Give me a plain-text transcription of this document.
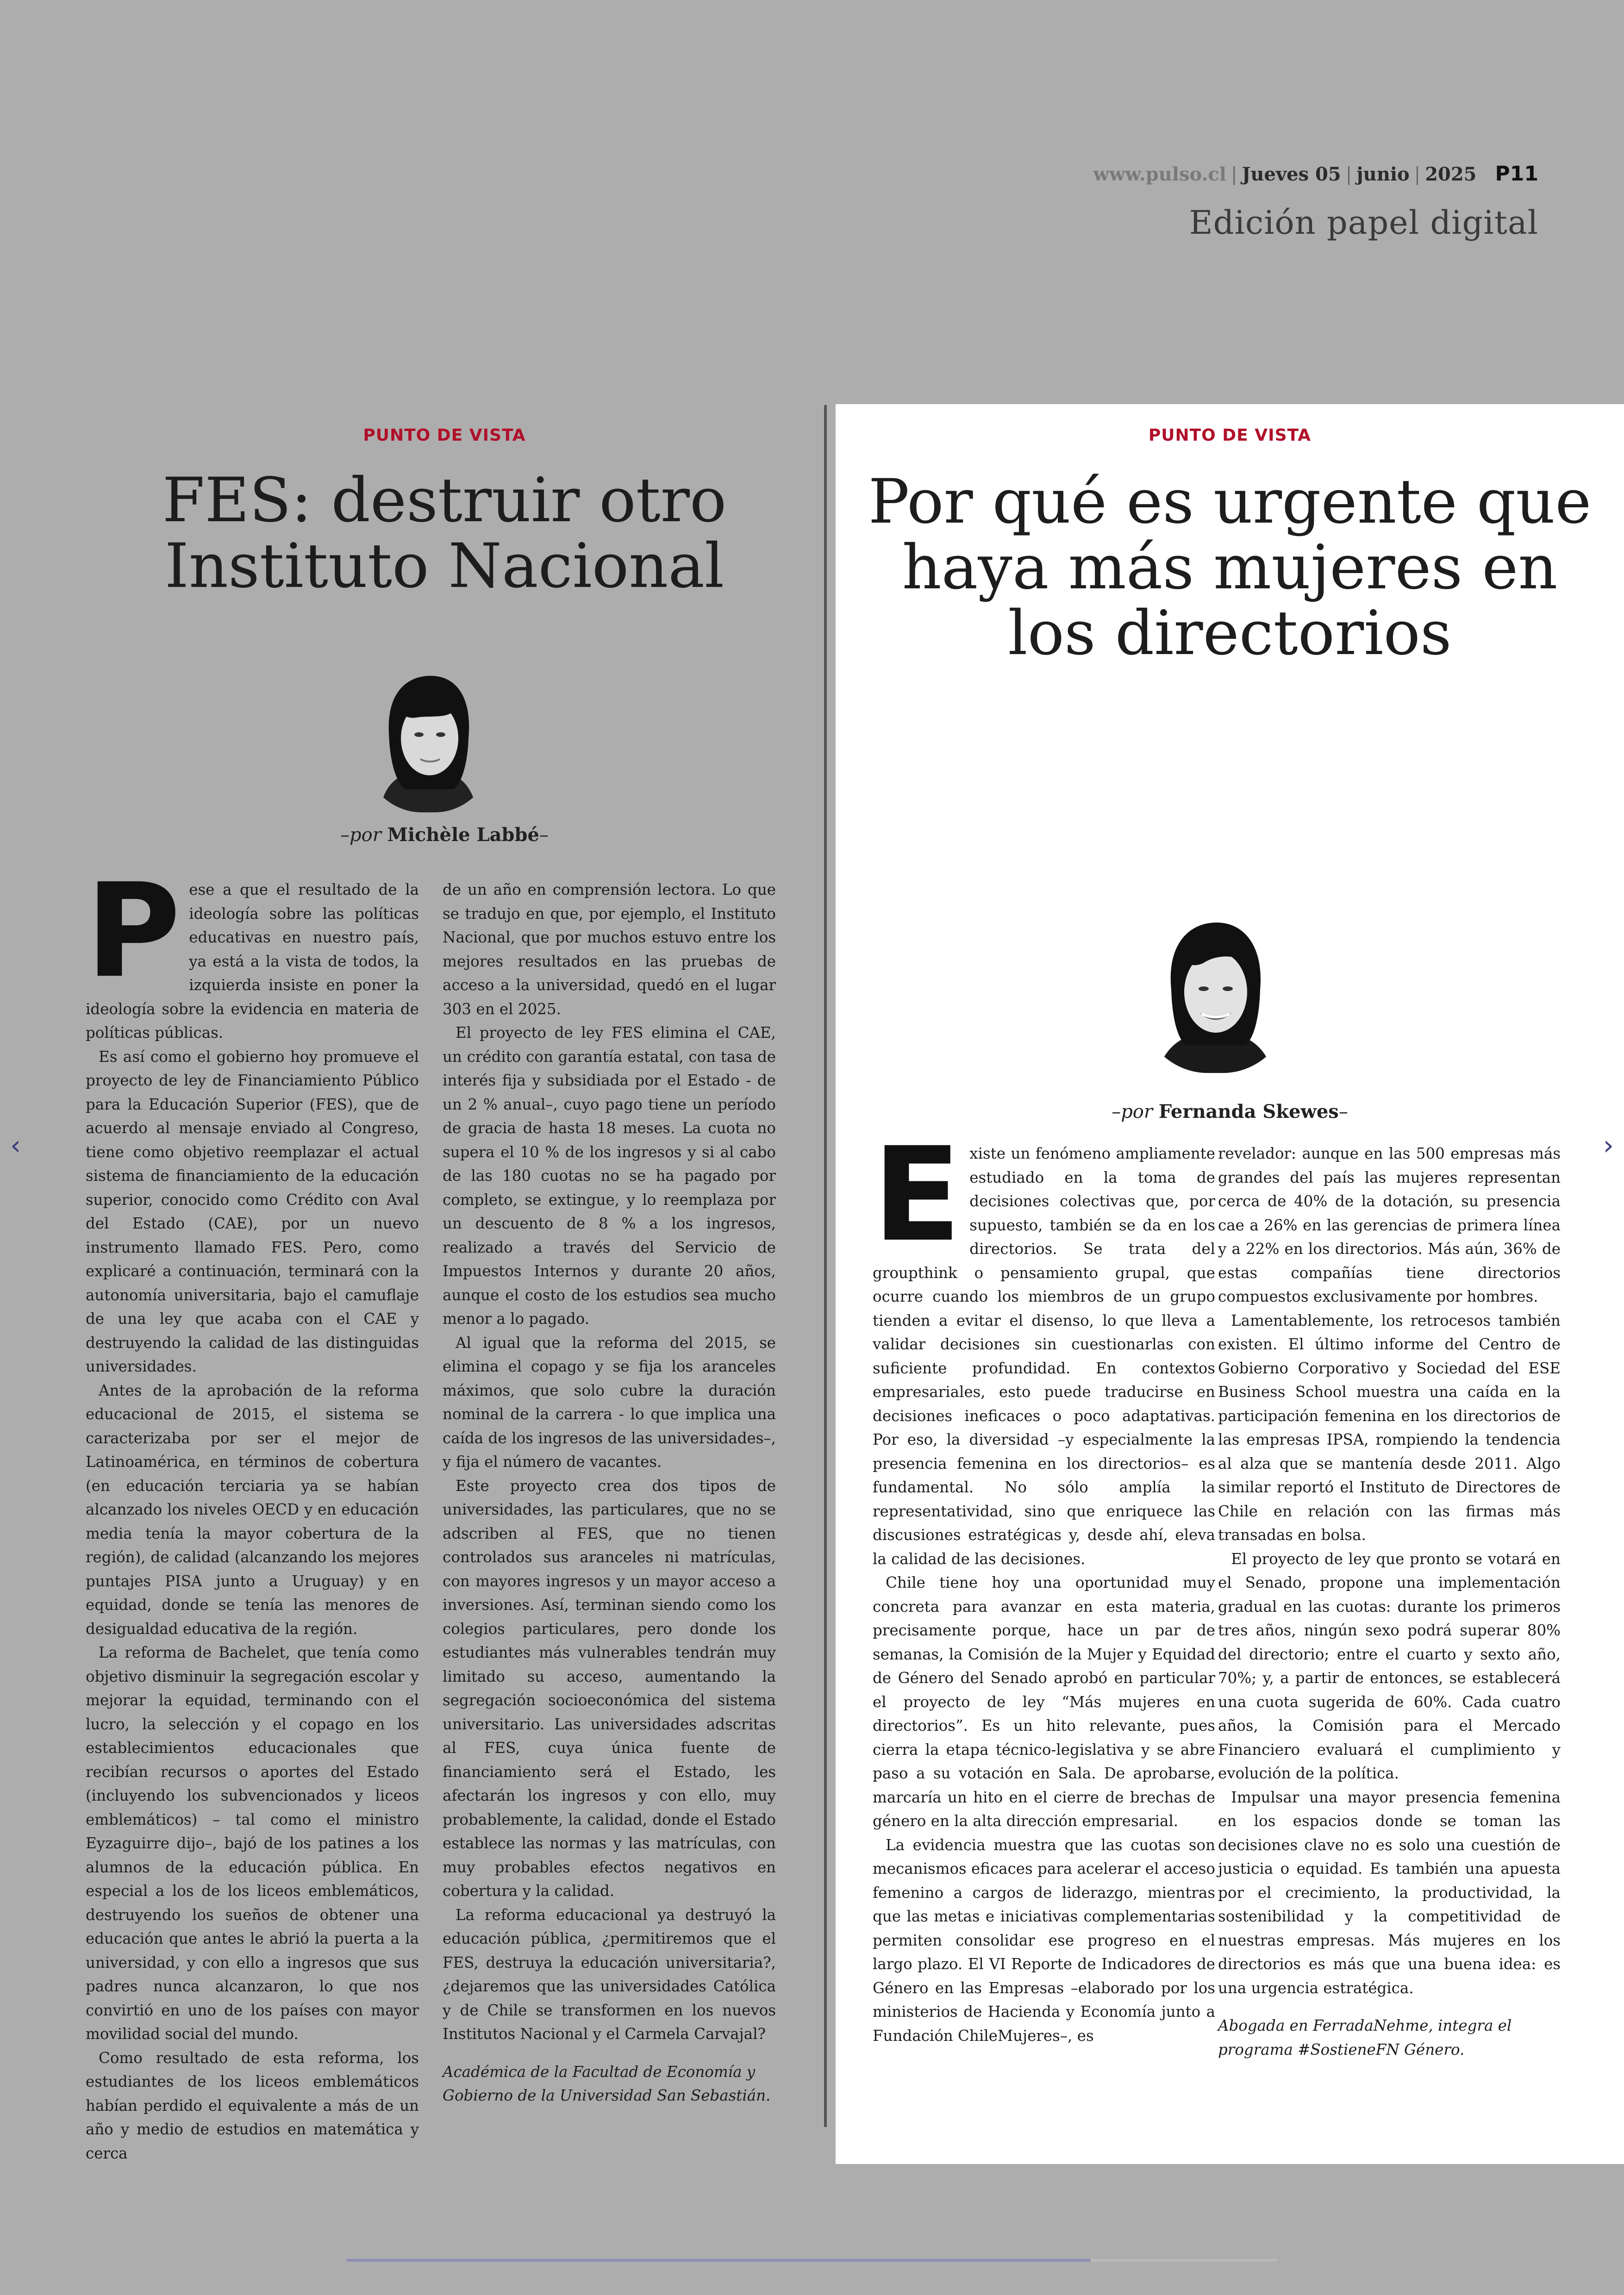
www.pulso.cl | Jueves 05 | junio | 2025 P11
Edición papel digital
PUNTO DE VISTA
FES: destruir otro
Instituto Nacional
–por Michèle Labbé–

Pese a que el resultado de la ideología sobre las políticas educativas en nuestro país, ya está a la vista de todos, la izquierda insiste en poner la ideología sobre la evidencia en materia de políticas públicas.

Es así como el gobierno hoy promueve el proyecto de ley de Financiamiento Público para la Educación Superior (FES), que de acuerdo al mensaje enviado al Congreso, tiene como objetivo reemplazar el actual sistema de financiamiento de la educación superior, conocido como Crédito con Aval del Estado (CAE), por un nuevo instrumento llamado FES. Pero, como explicaré a continuación, terminará con la autonomía universitaria, bajo el camuflaje de una ley que acaba con el CAE y destruyendo la calidad de las distinguidas universidades.

Antes de la aprobación de la reforma educacional de 2015, el sistema se caracterizaba por ser el mejor de Latinoamérica, en términos de cobertura (en educación terciaria ya se habían alcanzado los niveles OECD y en educación media tenía la mayor cobertura de la región), de calidad (alcanzando los mejores puntajes PISA junto a Uruguay) y en equidad, donde se tenía las menores de desigualdad educativa de la región.

La reforma de Bachelet, que tenía como objetivo disminuir la segregación escolar y mejorar la equidad, terminando con el lucro, la selección y el copago en los establecimientos educacionales que recibían recursos o aportes del Estado (incluyendo los subvencionados y liceos emblemáticos) – tal como el ministro Eyzaguirre dijo–, bajó de los patines a los alumnos de la educación pública. En especial a los de los liceos emblemáticos, destruyendo los sueños de obtener una educación que antes le abrió la puerta a la universidad, y con ello a ingresos que sus padres nunca alcanzaron, lo que nos convirtió en uno de los países con mayor movilidad social del mundo.

Como resultado de esta reforma, los estudiantes de los liceos emblemáticos habían perdido el equivalente a más de un año y medio de estudios en matemática y cerca

de un año en comprensión lectora. Lo que se tradujo en que, por ejemplo, el Instituto Nacional, que por muchos estuvo entre los mejores resultados en las pruebas de acceso a la universidad, quedó en el lugar 303 en el 2025.

El proyecto de ley FES elimina el CAE, un crédito con garantía estatal, con tasa de interés fija y subsidiada por el Estado - de un 2 % anual–, cuyo pago tiene un período de gracia de hasta 18 meses. La cuota no supera el 10 % de los ingresos y si al cabo de las 180 cuotas no se ha pagado por completo, se extingue, y lo reemplaza por un descuento de 8 % a los ingresos, realizado a través del Servicio de Impuestos Internos y durante 20 años, aunque el costo de los estudios sea mucho menor a lo pagado.

Al igual que la reforma del 2015, se elimina el copago y se fija los aranceles máximos, que solo cubre la duración nominal de la carrera - lo que implica una caída de los ingresos de las universidades–, y fija el número de vacantes.

Este proyecto crea dos tipos de universidades, las particulares, que no se adscriben al FES, que no tienen controlados sus aranceles ni matrículas, con mayores ingresos y un mayor acceso a inversiones. Así, terminan siendo como los colegios particulares, pero donde los estudiantes más vulnerables tendrán muy limitado su acceso, aumentando la segregación socioeconómica del sistema universitario. Las universidades adscritas al FES, cuya única fuente de financiamiento será el Estado, les afectarán los ingresos y con ello, muy probablemente, la calidad, donde el Estado establece las normas y las matrículas, con muy probables efectos negativos en cobertura y la calidad.

La reforma educacional ya destruyó la educación pública, ¿permitiremos que el FES, destruya la educación universitaria?, ¿dejaremos que las universidades Católica y de Chile se transformen en los nuevos Institutos Nacional y el Carmela Carvajal?

Académica de la Facultad de Economía y Gobierno de la Universidad San Sebastián.

PUNTO DE VISTA
Por qué es urgente que
haya más mujeres en
los directorios
–por Fernanda Skewes–

Existe un fenómeno ampliamente estudiado en la toma de decisiones colectivas que, por supuesto, también se da en los directorios. Se trata del groupthink o pensamiento grupal, que ocurre cuando los miembros de un grupo tienden a evitar el disenso, lo que lleva a validar decisiones sin cuestionarlas con suficiente profundidad. En contextos empresariales, esto puede traducirse en decisiones ineficaces o poco adaptativas. Por eso, la diversidad –y especialmente la presencia femenina en los directorios– es fundamental. No sólo amplía la representatividad, sino que enriquece las discusiones estratégicas y, desde ahí, eleva la calidad de las decisiones.

Chile tiene hoy una oportunidad muy concreta para avanzar en esta materia, precisamente porque, hace un par de semanas, la Comisión de la Mujer y Equidad de Género del Senado aprobó en particular el proyecto de ley “Más mujeres en directorios”. Es un hito relevante, pues cierra la etapa técnico-legislativa y se abre paso a su votación en Sala. De aprobarse, marcaría un hito en el cierre de brechas de género en la alta dirección empresarial.

La evidencia muestra que las cuotas son mecanismos eficaces para acelerar el acceso femenino a cargos de liderazgo, mientras que las metas e iniciativas complementarias permiten consolidar ese progreso en el largo plazo. El VI Reporte de Indicadores de Género en las Empresas –elaborado por los ministerios de Hacienda y Economía junto a Fundación ChileMujeres–, es

revelador: aunque en las 500 empresas más grandes del país las mujeres representan cerca de 40% de la dotación, su presencia cae a 26% en las gerencias de primera línea y a 22% en los directorios. Más aún, 36% de estas compañías tiene directorios compuestos exclusivamente por hombres.

Lamentablemente, los retrocesos también existen. El último informe del Centro de Gobierno Corporativo y Sociedad del ESE Business School muestra una caída en la participación femenina en los directorios de las empresas IPSA, rompiendo la tendencia al alza que se mantenía desde 2011. Algo similar reportó el Instituto de Directores de Chile en relación con las firmas más transadas en bolsa.

El proyecto de ley que pronto se votará en el Senado, propone una implementación gradual en las cuotas: durante los primeros tres años, ningún sexo podrá superar 80% del directorio; entre el cuarto y sexto año, 70%; y, a partir de entonces, se establecerá una cuota sugerida de 60%. Cada cuatro años, la Comisión para el Mercado Financiero evaluará el cumplimiento y evolución de la política.

Impulsar una mayor presencia femenina en los espacios donde se toman las decisiones clave no es solo una cuestión de justicia o equidad. Es también una apuesta por el crecimiento, la productividad, la sostenibilidad y la competitividad de nuestras empresas. Más mujeres en los directorios es más que una buena idea: es una urgencia estratégica.

Abogada en FerradaNehme, integra el programa #SostieneFN Género.

‹	›
